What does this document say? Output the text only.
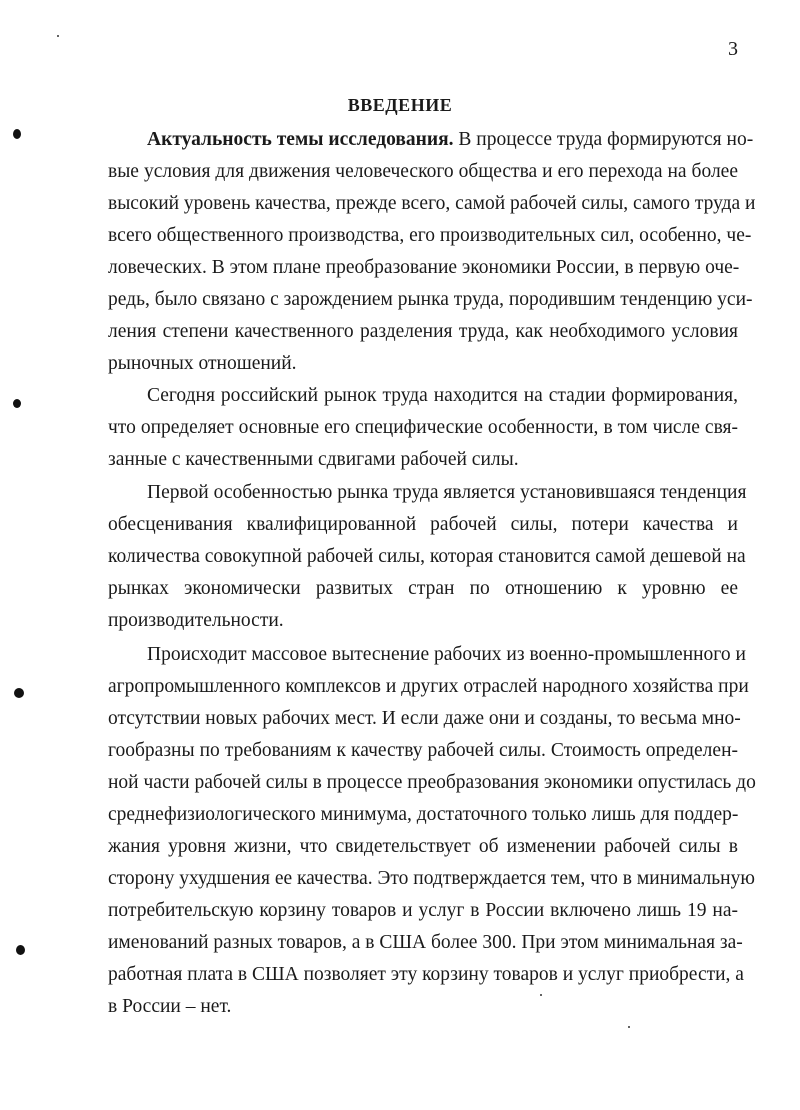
3
ВВЕДЕНИЕ
Актуальность темы исследования. В процессе труда формируются но-
вые условия для движения человеческого общества и его перехода на более
высокий уровень качества, прежде всего, самой рабочей силы, самого труда и
всего общественного производства, его производительных сил, особенно, че-
ловеческих. В этом плане преобразование экономики России, в первую оче-
редь, было связано с зарождением рынка труда, породившим тенденцию уси-
ления степени качественного разделения труда, как необходимого условия
рыночных отношений.
Сегодня российский рынок труда находится на стадии формирования,
что определяет основные его специфические особенности, в том числе свя-
занные с качественными сдвигами рабочей силы.
Первой особенностью рынка труда является установившаяся тенденция
обесценивания квалифицированной рабочей силы, потери качества и
количества совокупной рабочей силы, которая становится самой дешевой на
рынках экономически развитых стран по отношению к уровню ее
производительности.
Происходит массовое вытеснение рабочих из военно-промышленного и
агропромышленного комплексов и других отраслей народного хозяйства при
отсутствии новых рабочих мест. И если даже они и созданы, то весьма мно-
гообразны по требованиям к качеству рабочей силы. Стоимость определен-
ной части рабочей силы в процессе преобразования экономики опустилась до
среднефизиологического минимума, достаточного только лишь для поддер-
жания уровня жизни, что свидетельствует об изменении рабочей силы в
сторону ухудшения ее качества. Это подтверждается тем, что в минимальную
потребительскую корзину товаров и услуг в России включено лишь 19 на-
именований разных товаров, а в США более 300. При этом минимальная за-
работная плата в США позволяет эту корзину товаров и услуг приобрести, а
в России – нет.
